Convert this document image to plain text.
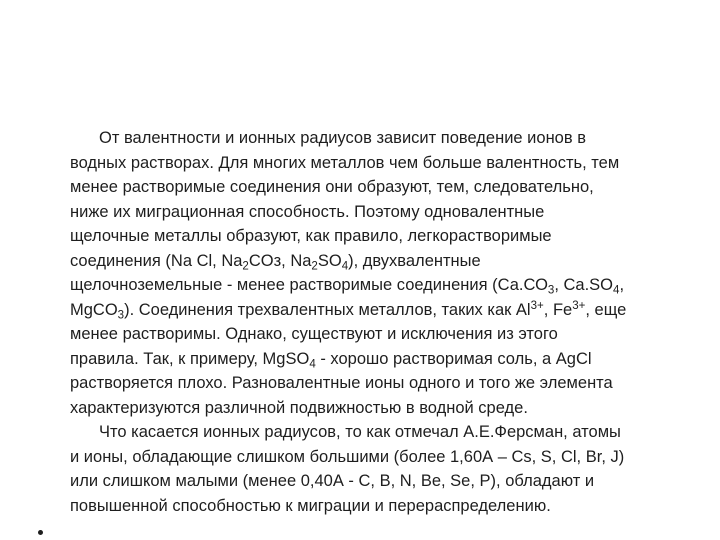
От валентности и ионных радиусов зависит поведение ионов в
водных растворах. Для многих металлов чем больше валентность, тем
менее растворимые соединения они образуют, тем, следовательно,
ниже их миграционная способность. Поэтому одновалентные
щелочные металлы образуют, как правило, легкорастворимые
соединения (Na Cl, $Na_2COз$, $Na_2SO_4$), двухвалентные
щелочноземельные - менее растворимые соединения ($Са.СО_3$, $Ca.SO_4$,
MgCO$_3$). Соединения трехвалентных металлов, таких как $Al^{3+}$, $Fe^{3+}$, еще
менее растворимы. Однако, существуют и исключения из этого
правила. Так, к примеру, MgSO$_4$ - хорошо растворимая соль, а AgCl
растворяется плохо. Разновалентные ионы одного и того же элемента
характеризуются различной подвижностью в водной среде.

Что касается ионных радиусов, то как отмечал А.Е.Ферсман, атомы
и ионы, обладающие слишком большими (более 1,60А – Cs, S, Cl, Br, J)
или слишком малыми (менее 0,40А - C, B, N, Be, Se, P), обладают и
повышенной способностью к миграции и перераспределению.
